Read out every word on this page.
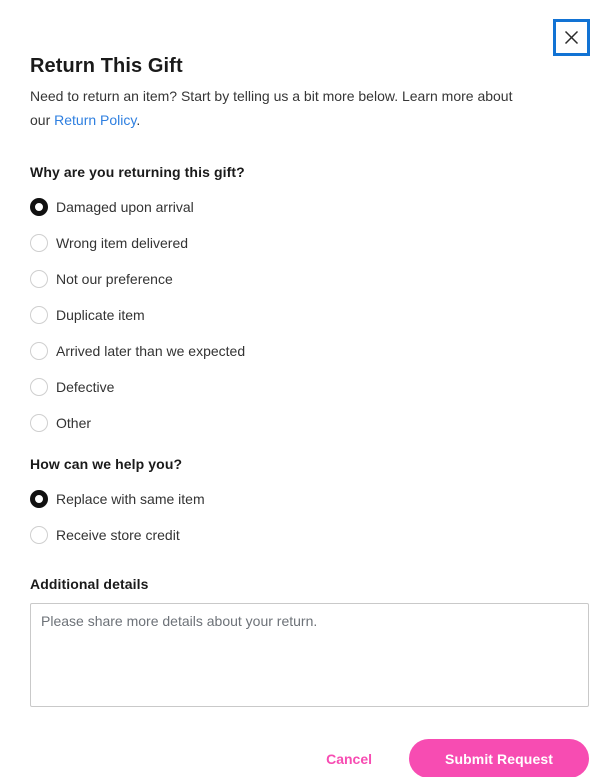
Return This Gift

Need to return an item? Start by telling us a bit more below. Learn more about our Return Policy.

Why are you returning this gift?
Damaged upon arrival
Wrong item delivered
Not our preference
Duplicate item
Arrived later than we expected
Defective
Other
How can we help you?
Replace with same item
Receive store credit
Additional details
Please share more details about your return.
Cancel	Submit Request
